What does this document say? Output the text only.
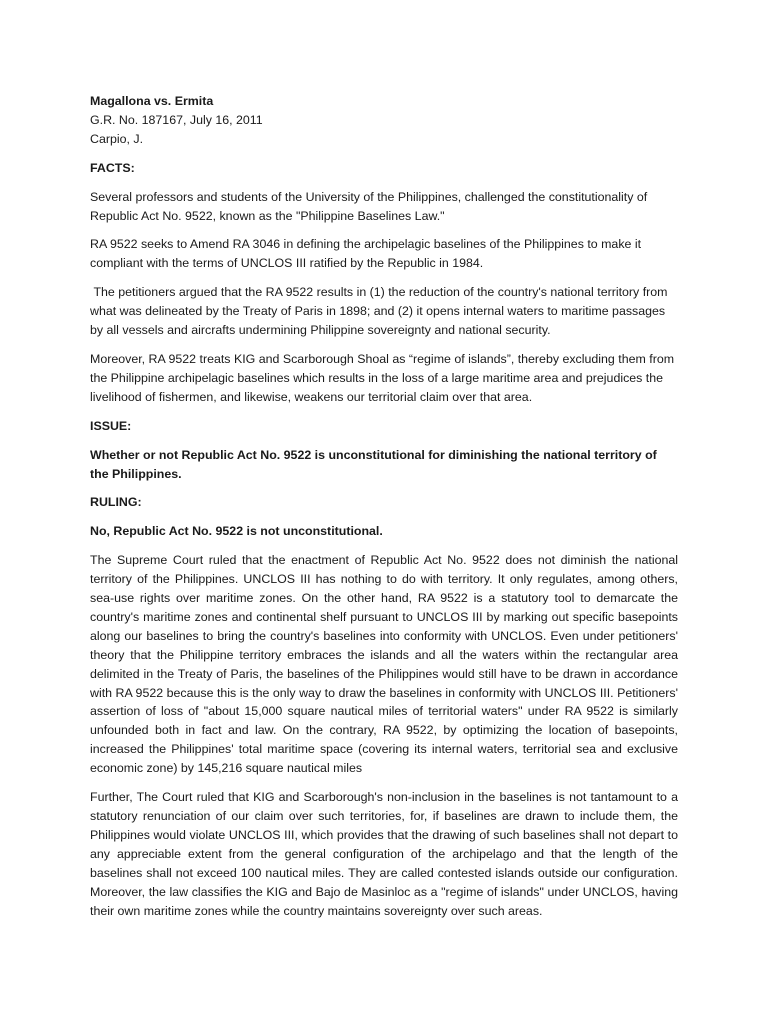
Magallona vs. Ermita

G.R. No. 187167, July 16, 2011

Carpio, J.

FACTS:

Several professors and students of the University of the Philippines, challenged the constitutionality of Republic Act No. 9522, known as the "Philippine Baselines Law."

RA 9522 seeks to Amend RA 3046 in defining the archipelagic baselines of the Philippines to make it compliant with the terms of UNCLOS III ratified by the Republic in 1984.

The petitioners argued that the RA 9522 results in (1) the reduction of the country's national territory from what was delineated by the Treaty of Paris in 1898; and (2) it opens internal waters to maritime passages by all vessels and aircrafts undermining Philippine sovereignty and national security.

Moreover, RA 9522 treats KIG and Scarborough Shoal as “regime of islands”, thereby excluding them from the Philippine archipelagic baselines which results in the loss of a large maritime area and prejudices the livelihood of fishermen, and likewise, weakens our territorial claim over that area.

ISSUE:

Whether or not Republic Act No. 9522 is unconstitutional for diminishing the national territory of the Philippines.

RULING:

No, Republic Act No. 9522 is not unconstitutional.

The Supreme Court ruled that the enactment of Republic Act No. 9522 does not diminish the national territory of the Philippines. UNCLOS III has nothing to do with territory. It only regulates, among others, sea-use rights over maritime zones. On the other hand, RA 9522 is a statutory tool to demarcate the country's maritime zones and continental shelf pursuant to UNCLOS III by marking out specific basepoints along our baselines to bring the country's baselines into conformity with UNCLOS. Even under petitioners' theory that the Philippine territory embraces the islands and all the waters within the rectangular area delimited in the Treaty of Paris, the baselines of the Philippines would still have to be drawn in accordance with RA 9522 because this is the only way to draw the baselines in conformity with UNCLOS III. Petitioners' assertion of loss of "about 15,000 square nautical miles of territorial waters" under RA 9522 is similarly unfounded both in fact and law. On the contrary, RA 9522, by optimizing the location of basepoints, increased the Philippines' total maritime space (covering its internal waters, territorial sea and exclusive economic zone) by 145,216 square nautical miles

Further, The Court ruled that KIG and Scarborough's non-inclusion in the baselines is not tantamount to a statutory renunciation of our claim over such territories, for, if baselines are drawn to include them, the Philippines would violate UNCLOS III, which provides that the drawing of such baselines shall not depart to any appreciable extent from the general configuration of the archipelago and that the length of the baselines shall not exceed 100 nautical miles. They are called contested islands outside our configuration. Moreover, the law classifies the KIG and Bajo de Masinloc as a "regime of islands" under UNCLOS, having their own maritime zones while the country maintains sovereignty over such areas.
